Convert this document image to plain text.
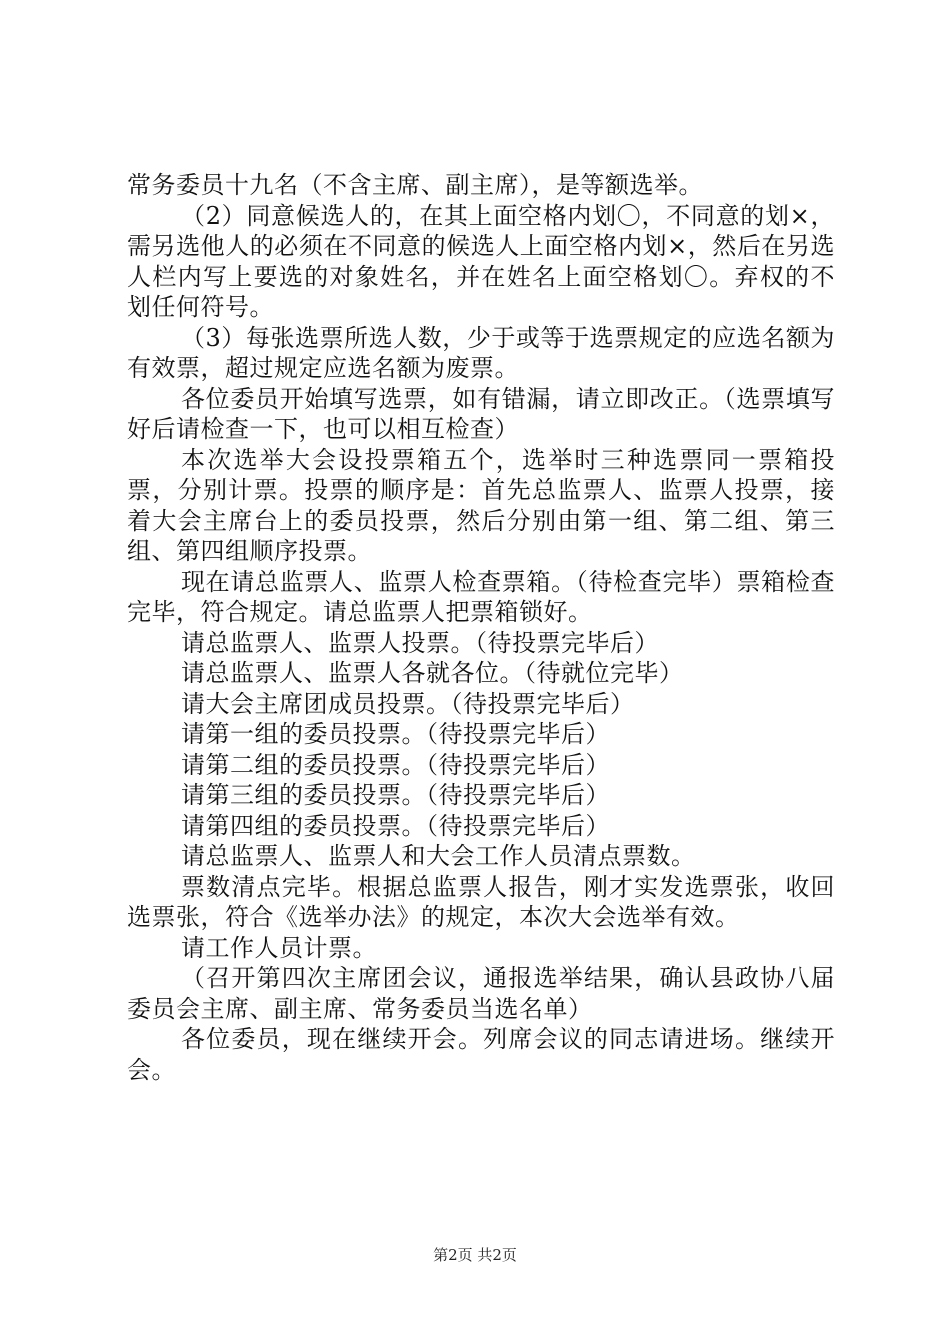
常务委员十九名（不含主席、副主席），是等额选举。

（2）同意候选人的，在其上面空格内划〇，不同意的划×，需另选他人的必须在不同意的候选人上面空格内划×，然后在另选人栏内写上要选的对象姓名，并在姓名上面空格划〇。弃权的不划任何符号。

（3）每张选票所选人数，少于或等于选票规定的应选名额为有效票，超过规定应选名额为废票。

各位委员开始填写选票，如有错漏，请立即改正。（选票填写好后请检查一下，也可以相互检查）

本次选举大会设投票箱五个，选举时三种选票同一票箱投票，分别计票。投票的顺序是：首先总监票人、监票人投票，接着大会主席台上的委员投票，然后分别由第一组、第二组、第三组、第四组顺序投票。

现在请总监票人、监票人检查票箱。（待检查完毕）票箱检查完毕，符合规定。请总监票人把票箱锁好。

请总监票人、监票人投票。（待投票完毕后）

请总监票人、监票人各就各位。（待就位完毕）

请大会主席团成员投票。（待投票完毕后）

请第一组的委员投票。（待投票完毕后）

请第二组的委员投票。（待投票完毕后）

请第三组的委员投票。（待投票完毕后）

请第四组的委员投票。（待投票完毕后）

请总监票人、监票人和大会工作人员清点票数。

票数清点完毕。根据总监票人报告，刚才实发选票张，收回选票张，符合《选举办法》的规定，本次大会选举有效。

请工作人员计票。

（召开第四次主席团会议，通报选举结果，确认县政协八届委员会主席、副主席、常务委员当选名单）

各位委员，现在继续开会。列席会议的同志请进场。继续开会。

第2页 共2页
